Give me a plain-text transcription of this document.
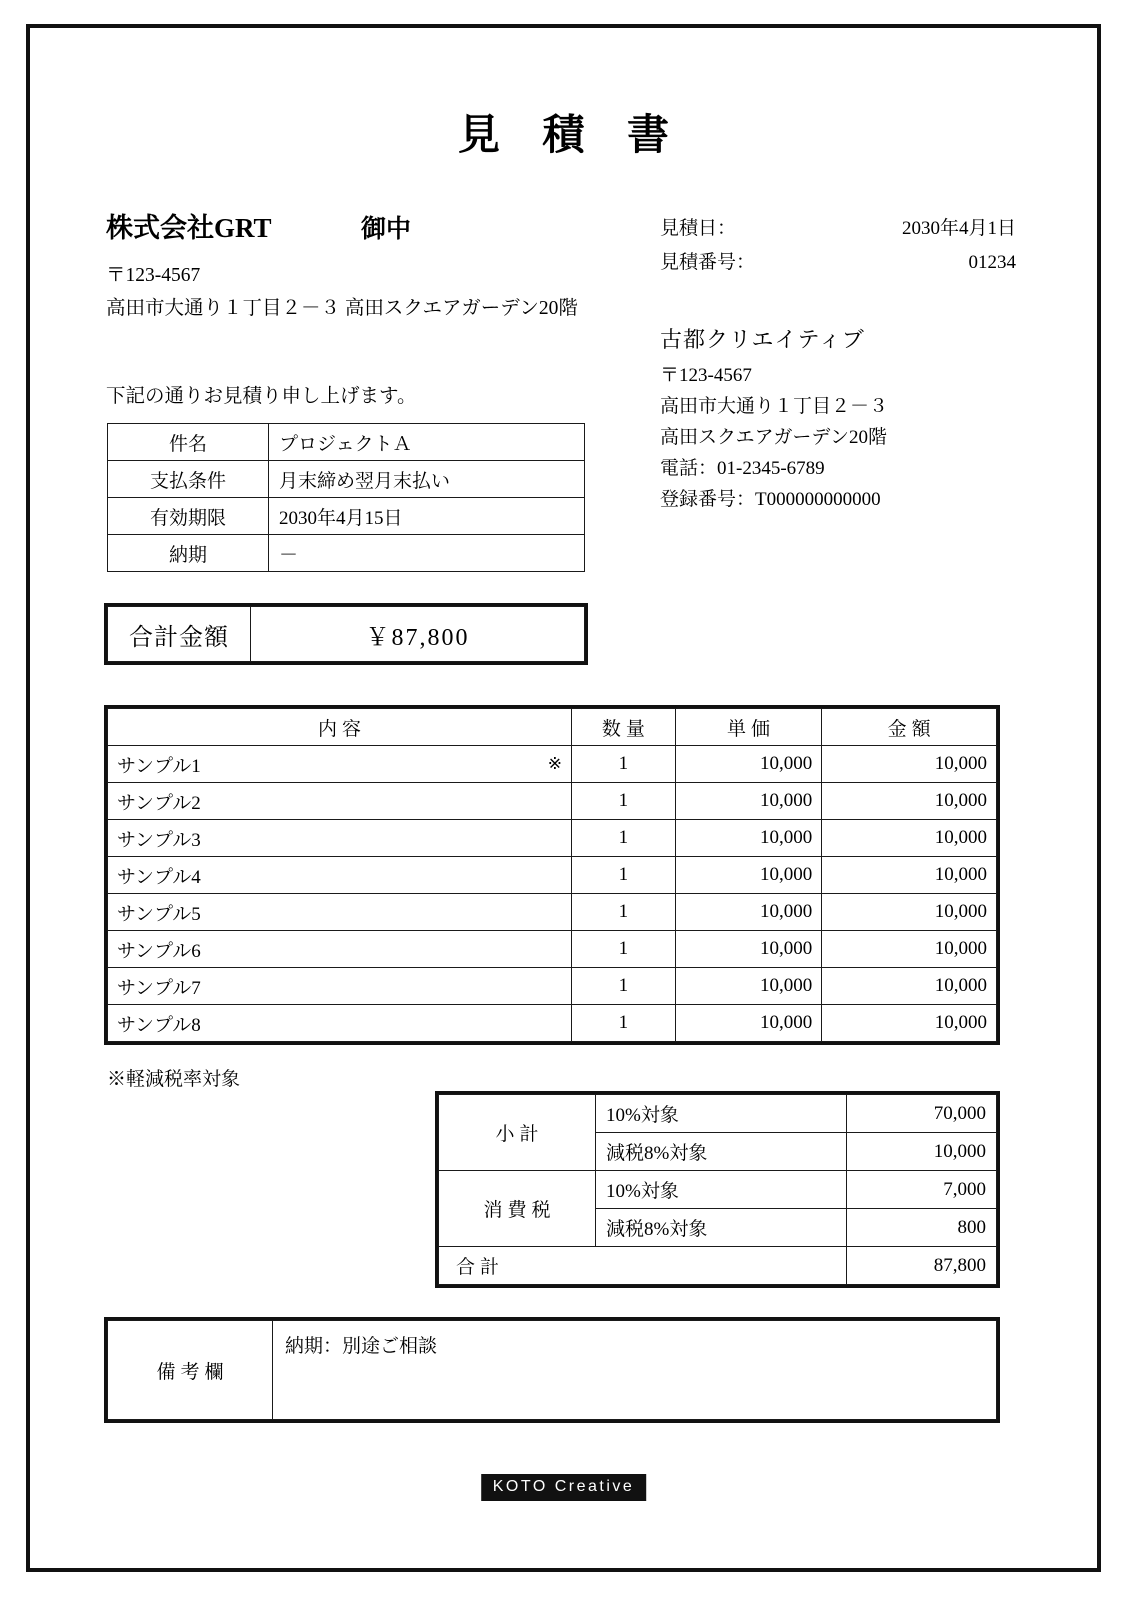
見 積 書
株式会社GRT	御中
〒123-4567
高田市大通り１丁目２－３ 高田スクエアガーデン20階
下記の通りお見積り申し上げます。
見積日：	2030年4月1日
見積番号：	01234
古都クリエイティブ
〒123-4567
高田市大通り１丁目２－３
高田スクエアガーデン20階
電話：01-2345-6789
登録番号：T000000000000
件名	プロジェクトＡ
支払条件	月末締め翌月末払い
有効期限	2030年4月15日
納期	－
合計金額	￥87,800
内容	数量	単価	金額
サンプル1 ※	1	10,000	10,000
サンプル2	1	10,000	10,000
サンプル3	1	10,000	10,000
サンプル4	1	10,000	10,000
サンプル5	1	10,000	10,000
サンプル6	1	10,000	10,000
サンプル7	1	10,000	10,000
サンプル8	1	10,000	10,000
※軽減税率対象
小計	10%対象	70,000
	減税8%対象	10,000
消費税	10%対象	7,000
	減税8%対象	800
合計		87,800
備考欄	納期：別途ご相談
KOTO Creative
